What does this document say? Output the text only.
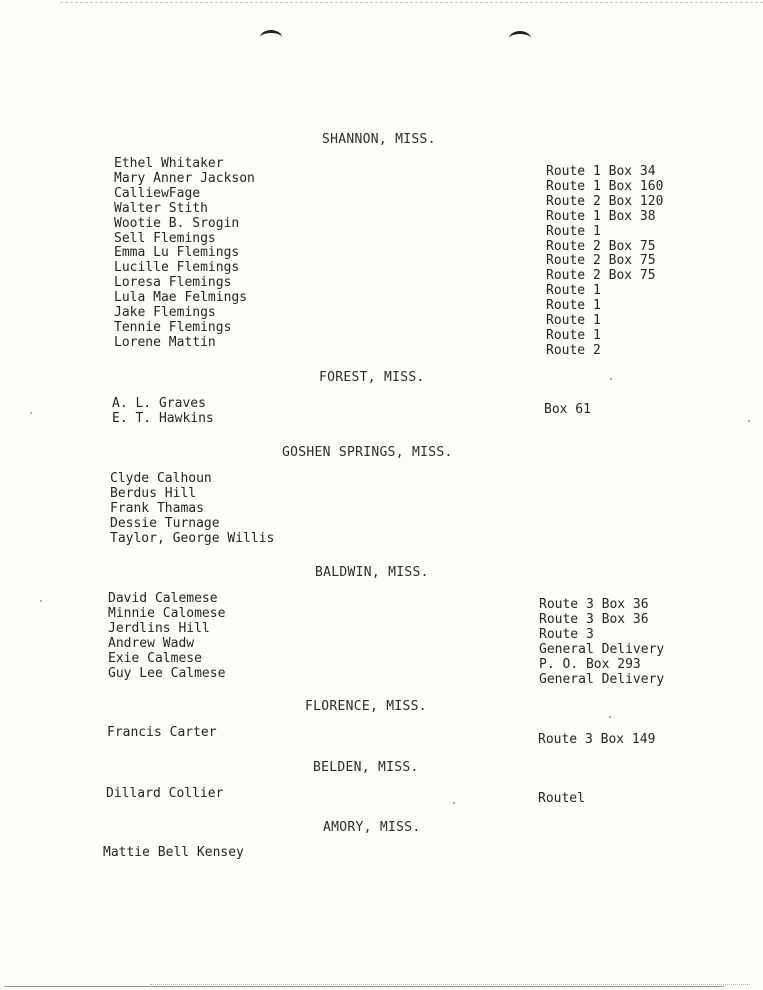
SHANNON, MISS.
Ethel Whitaker
Mary Anner Jackson
CalliewFage
Walter Stith
Wootie B. Srogin
Sell Flemings
Emma Lu Flemings
Lucille Flemings
Loresa Flemings
Lula Mae Felmings
Jake Flemings
Tennie Flemings
Lorene Mattin
Route 1 Box 34
Route 1 Box 160
Route 2 Box 120
Route 1 Box 38
Route 1
Route 2 Box 75
Route 2 Box 75
Route 2 Box 75
Route 1
Route 1
Route 1
Route 1
Route 2
FOREST, MISS.
A. L. Graves
E. T. Hawkins
Box 61
GOSHEN SPRINGS, MISS.
Clyde Calhoun
Berdus Hill
Frank Thamas
Dessie Turnage
Taylor, George Willis
BALDWIN, MISS.
David Calemese
Minnie Calomese
Jerdlins Hill
Andrew Wadw
Exie Calmese
Guy Lee Calmese
Route 3 Box 36
Route 3 Box 36
Route 3
General Delivery
P. O. Box 293
General Delivery
FLORENCE, MISS.
Francis Carter	Route 3 Box 149
BELDEN, MISS.
Dillard Collier	Routel
AMORY, MISS.
Mattie Bell Kensey
